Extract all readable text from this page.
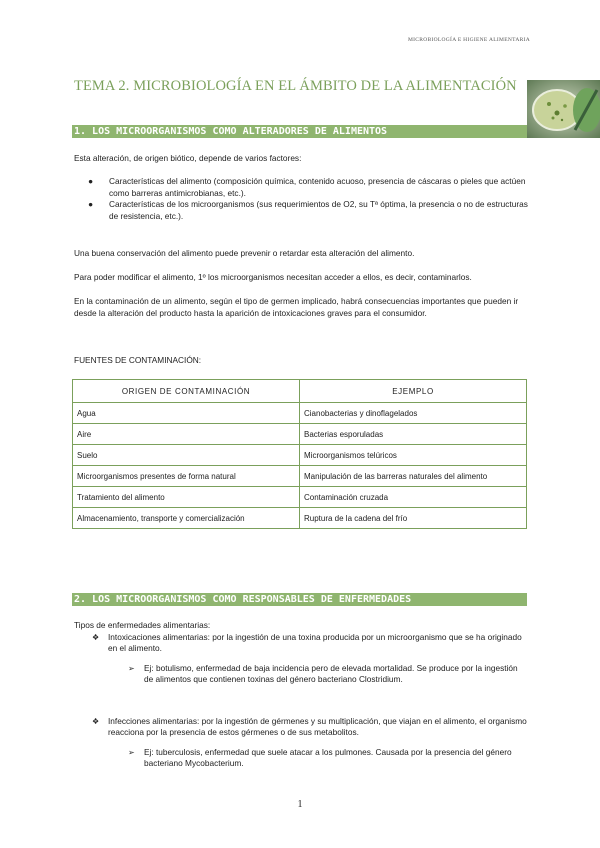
MICROBIOLOGÍA E HIGIENE ALIMENTARIA
TEMA 2. MICROBIOLOGÍA EN EL ÁMBITO DE LA ALIMENTACIÓN
1. LOS MICROORGANISMOS COMO ALTERADORES DE ALIMENTOS
Esta alteración, de origen biótico, depende de varios factores:
● Características del alimento (composición química, contenido acuoso, presencia de cáscaras o pieles que actúen como barreras antimicrobianas, etc.).
● Características de los microorganismos (sus requerimientos de O2, su Tª óptima, la presencia o no de estructuras de resistencia, etc.).
Una buena conservación del alimento puede prevenir o retardar esta alteración del alimento.
Para poder modificar el alimento, 1º los microorganismos necesitan acceder a ellos, es decir, contaminarlos.
En la contaminación de un alimento, según el tipo de germen implicado, habrá consecuencias importantes que pueden ir desde la alteración del producto hasta la aparición de intoxicaciones graves para el consumidor.
FUENTES DE CONTAMINACIÓN:
ORIGEN DE CONTAMINACIÓN	EJEMPLO
Agua	Cianobacterias y dinoflagelados
Aire	Bacterias esporuladas
Suelo	Microorganismos telúricos
Microorganismos presentes de forma natural	Manipulación de las barreras naturales del alimento
Tratamiento del alimento	Contaminación cruzada
Almacenamiento, transporte y comercialización	Ruptura de la cadena del frío
2. LOS MICROORGANISMOS COMO RESPONSABLES DE ENFERMEDADES
Tipos de enfermedades alimentarias:
❖ Intoxicaciones alimentarias: por la ingestión de una toxina producida por un microorganismo que se ha originado en el alimento.
➢ Ej: botulismo, enfermedad de baja incidencia pero de elevada mortalidad. Se produce por la ingestión de alimentos que contienen toxinas del género bacteriano Clostridium.
❖ Infecciones alimentarias: por la ingestión de gérmenes y su multiplicación, que viajan en el alimento, el organismo reacciona por la presencia de estos gérmenes o de sus metabolitos.
➢ Ej: tuberculosis, enfermedad que suele atacar a los pulmones. Causada por la presencia del género bacteriano Mycobacterium.
1
